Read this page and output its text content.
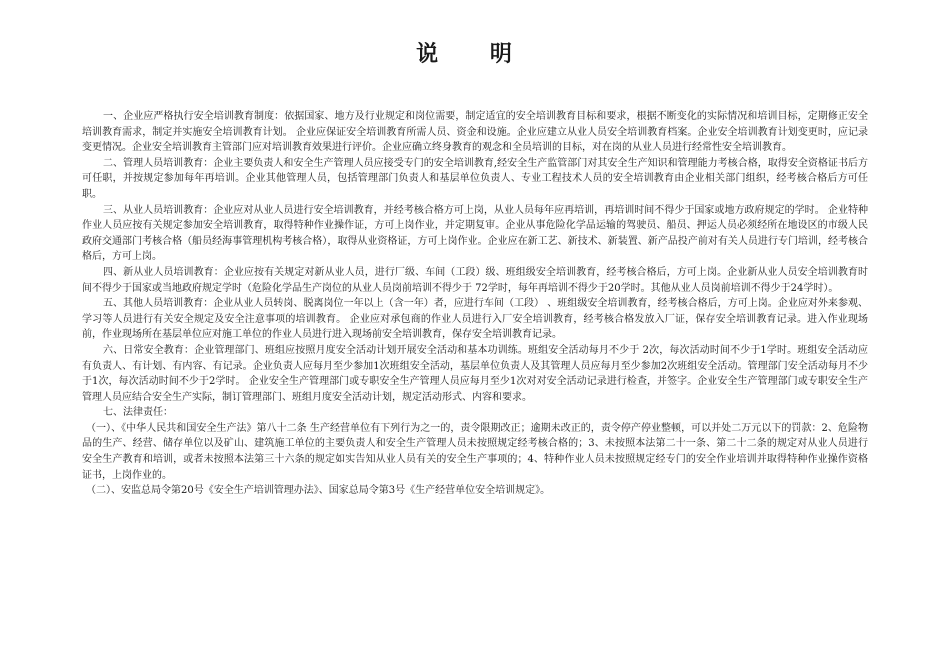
说 明

一、企业应严格执行安全培训教育制度：依据国家、地方及行业规定和岗位需要，制定适宜的安全培训教育目标和要求，根据不断变化的实际情况和培训目标，定期修正安全培训教育需求，制定并实施安全培训教育计划。 企业应保证安全培训教育所需人员、资金和设施。企业应建立从业人员安全培训教育档案。企业安全培训教育计划变更时，应记录变更情况。企业安全培训教育主管部门应对培训教育效果进行评价。企业应确立终身教育的观念和全员培训的目标，对在岗的从业人员进行经常性安全培训教育。

二、管理人员培训教育：企业主要负责人和安全生产管理人员应接受专门的安全培训教育,经安全生产监管部门对其安全生产知识和管理能力考核合格，取得安全资格证书后方可任职，并按规定参加每年再培训。企业其他管理人员，包括管理部门负责人和基层单位负责人、专业工程技术人员的安全培训教育由企业相关部门组织，经考核合格后方可任职。

三、从业人员培训教育：企业应对从业人员进行安全培训教育，并经考核合格方可上岗，从业人员每年应再培训，再培训时间不得少于国家或地方政府规定的学时。 企业特种作业人员应按有关规定参加安全培训教育，取得特种作业操作证，方可上岗作业，并定期复审。企业从事危险化学品运输的驾驶员、船员、押运人员必须经所在地设区的市级人民政府交通部门考核合格（船员经海事管理机构考核合格），取得从业资格证，方可上岗作业。企业应在新工艺、新技术、新装置、新产品投产前对有关人员进行专门培训，经考核合格后，方可上岗。

四、新从业人员培训教育：企业应按有关规定对新从业人员，进行厂级、车间（工段）级、班组级安全培训教育，经考核合格后，方可上岗。企业新从业人员安全培训教育时间不得少于国家或当地政府规定学时（危险化学品生产岗位的从业人员岗前培训不得少于 72学时，每年再培训不得少于20学时。其他从业人员岗前培训不得少于24学时）。

五、其他人员培训教育：企业从业人员转岗、脱离岗位一年以上（含一年）者，应进行车间（工段） 、班组级安全培训教育，经考核合格后，方可上岗。企业应对外来参观、学习等人员进行有关安全规定及安全注意事项的培训教育。 企业应对承包商的作业人员进行入厂安全培训教育，经考核合格发放入厂证，保存安全培训教育记录。进入作业现场前，作业现场所在基层单位应对施工单位的作业人员进行进入现场前安全培训教育，保存安全培训教育记录。

六、日常安全教育：企业管理部门、班组应按照月度安全活动计划开展安全活动和基本功训练。班组安全活动每月不少于 2次，每次活动时间不少于1学时。班组安全活动应有负责人、有计划、有内容、有记录。企业负责人应每月至少参加1次班组安全活动，基层单位负责人及其管理人员应每月至少参加2次班组安全活动。管理部门安全活动每月不少于1次，每次活动时间不少于2学时。 企业安全生产管理部门或专职安全生产管理人员应每月至少1次对对安全活动记录进行检查，并签字。企业安全生产管理部门或专职安全生产管理人员应结合安全生产实际，制订管理部门、班组月度安全活动计划，规定活动形式、内容和要求。

七、法律责任：

（一）、《中华人民共和国安全生产法》第八十二条 生产经营单位有下列行为之一的，责令限期改正；逾期未改正的，责令停产停业整顿，可以并处二万元以下的罚款：2、危险物品的生产、经营、储存单位以及矿山、建筑施工单位的主要负责人和安全生产管理人员未按照规定经考核合格的；3、未按照本法第二十一条、第二十二条的规定对从业人员进行安全生产教育和培训，或者未按照本法第三十六条的规定如实告知从业人员有关的安全生产事项的；4、特种作业人员未按照规定经专门的安全作业培训并取得特种作业操作资格证书，上岗作业的。

（二）、安监总局令第20号《安全生产培训管理办法》、国家总局令第3号《生产经营单位安全培训规定》。
